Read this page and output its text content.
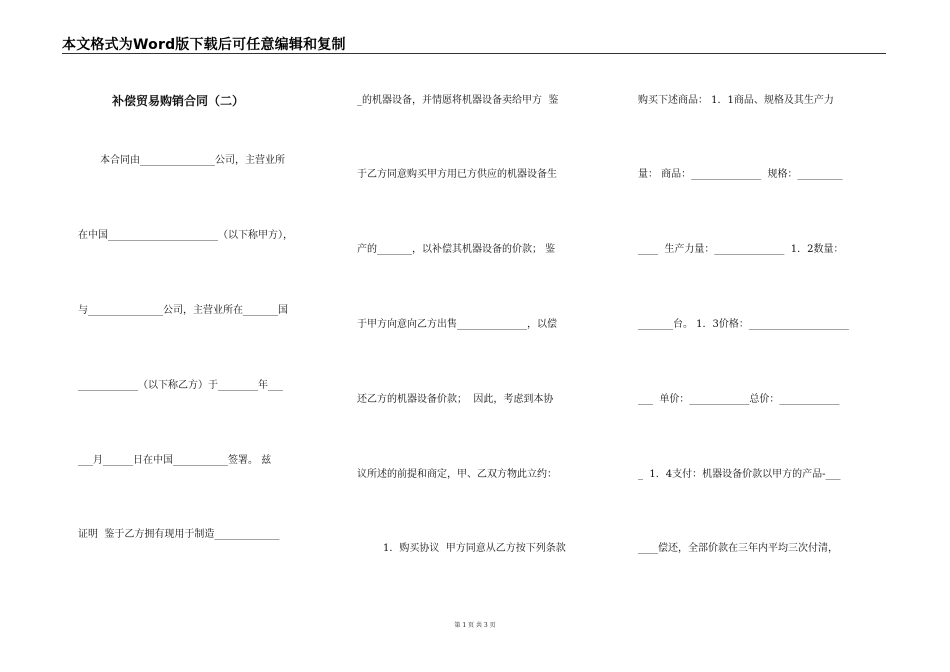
本文格式为Word版下载后可任意编辑和复制
补偿贸易购销合同（二）
本合同由_______________公司，主营业所
在中国______________________（以下称甲方），
与_______________公司，主营业所在_______国
____________（以下称乙方）于________年___
___月______日在中国___________签署。 兹
证明  鉴于乙方拥有现用于制造_____________
_的机器设备，并情愿将机器设备卖给甲方  鉴
于乙方同意购买甲方用已方供应的机器设备生
产的_______，以补偿其机器设备的价款； 鉴
于甲方向意向乙方出售______________，以偿
还乙方的机器设备价款；  因此，考虑到本协
议所述的前提和商定，甲、乙双方物此立约：
1．购买协议  甲方同意从乙方按下列条款
购买下述商品： 1．1商品、规格及其生产力
量： 商品：______________  规格：_________
____  生产力量：______________  1．2数量：
_______台。 1．3价格：____________________
___  单价：____________总价：____________
_  1．4支付：机器设备价款以甲方的产品-___
____偿还，全部价款在三年内平均三次付清，
第 1 页 共 3 页
